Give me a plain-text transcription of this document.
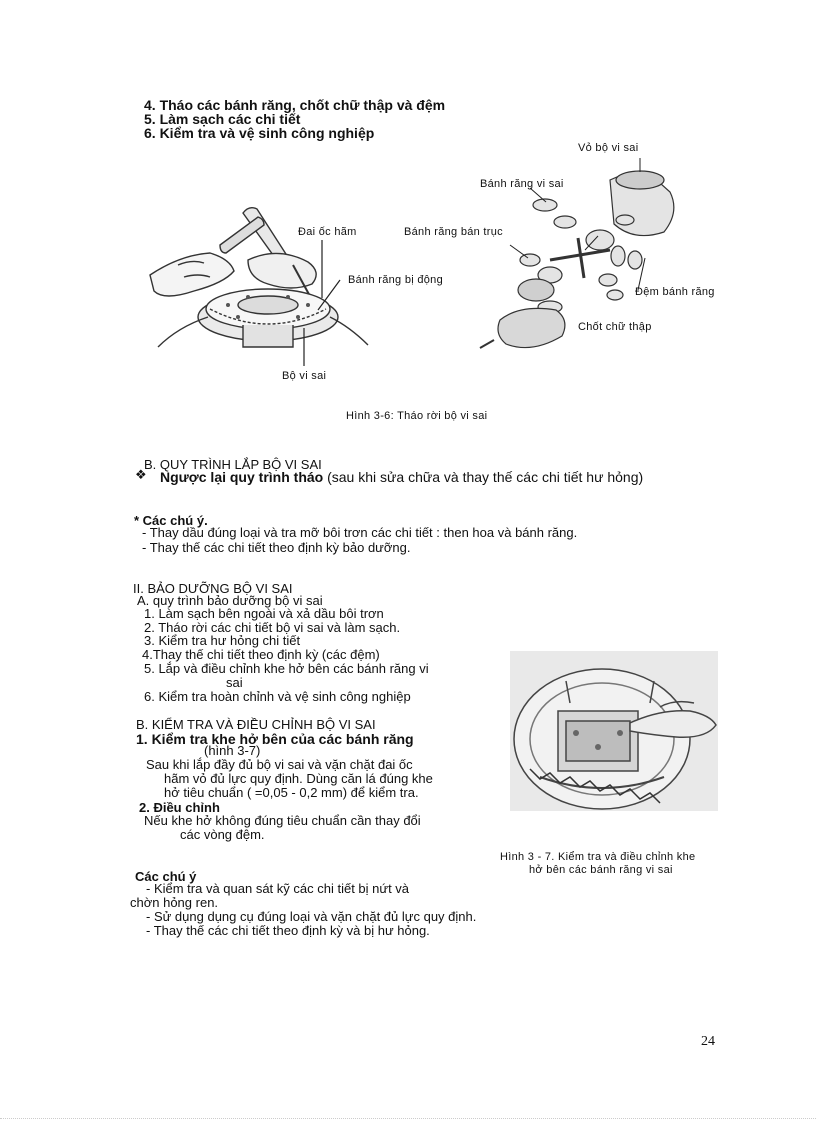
4. Tháo các bánh răng, chốt chữ thập và đệm
5. Làm sạch các chi tiết
6. Kiểm tra và vệ sinh công nghiệp
Vỏ bộ vi sai
Bánh răng vi sai
Đai ốc hãm	Bánh răng bán trục
Bánh răng bị động
Đệm bánh răng
Chốt chữ thập
Bộ vi sai
Hình 3-6: Tháo rời bộ vi sai
B. QUY TRÌNH LẮP BỘ VI SAI
❖ Ngược lại quy trình tháo (sau khi sửa chữa và thay thế các chi tiết hư hỏng)
* Các chú ý.
- Thay dầu đúng loại và tra mỡ bôi trơn các chi tiết : then hoa và bánh răng.
- Thay thế các chi tiết theo định kỳ bảo dưỡng.
II. BẢO DƯỠNG BỘ VI SAI
A. quy trình bảo dưỡng bộ vi sai
1. Làm sạch bên ngoài và xả dầu bôi trơn
2. Tháo rời các chi tiết bộ vi sai và làm sạch.
3. Kiểm tra hư hỏng chi tiết
4.Thay thế chi tiết theo định kỳ (các đệm)
5. Lắp và điều chỉnh khe hở bên các bánh răng vi
sai
6. Kiểm tra hoàn chỉnh và vệ sinh công nghiệp
B. KIỂM TRA VÀ ĐIỀU CHỈNH BỘ VI SAI
1. Kiểm tra khe hở bên của các bánh răng
(hình 3-7)
Sau khi lắp đầy đủ bộ vi sai và vặn chặt đai ốc
hãm vỏ đủ lực quy định. Dùng căn lá đúng khe
hở tiêu chuẩn ( =0,05 - 0,2 mm) để kiểm tra.
2. Điều chỉnh
Nếu khe hở không đúng tiêu chuẩn cần thay đổi
các vòng đệm.
Hình 3 - 7. Kiểm tra và điều chỉnh khe
hở bên các bánh răng vi sai
Các chú ý
- Kiểm tra và quan sát kỹ các chi tiết bị nứt và
chờn hỏng ren.
- Sử dụng dụng cụ đúng loại và vặn chặt đủ lực quy định.
- Thay thế các chi tiết theo định kỳ và bị hư hỏng.
24
